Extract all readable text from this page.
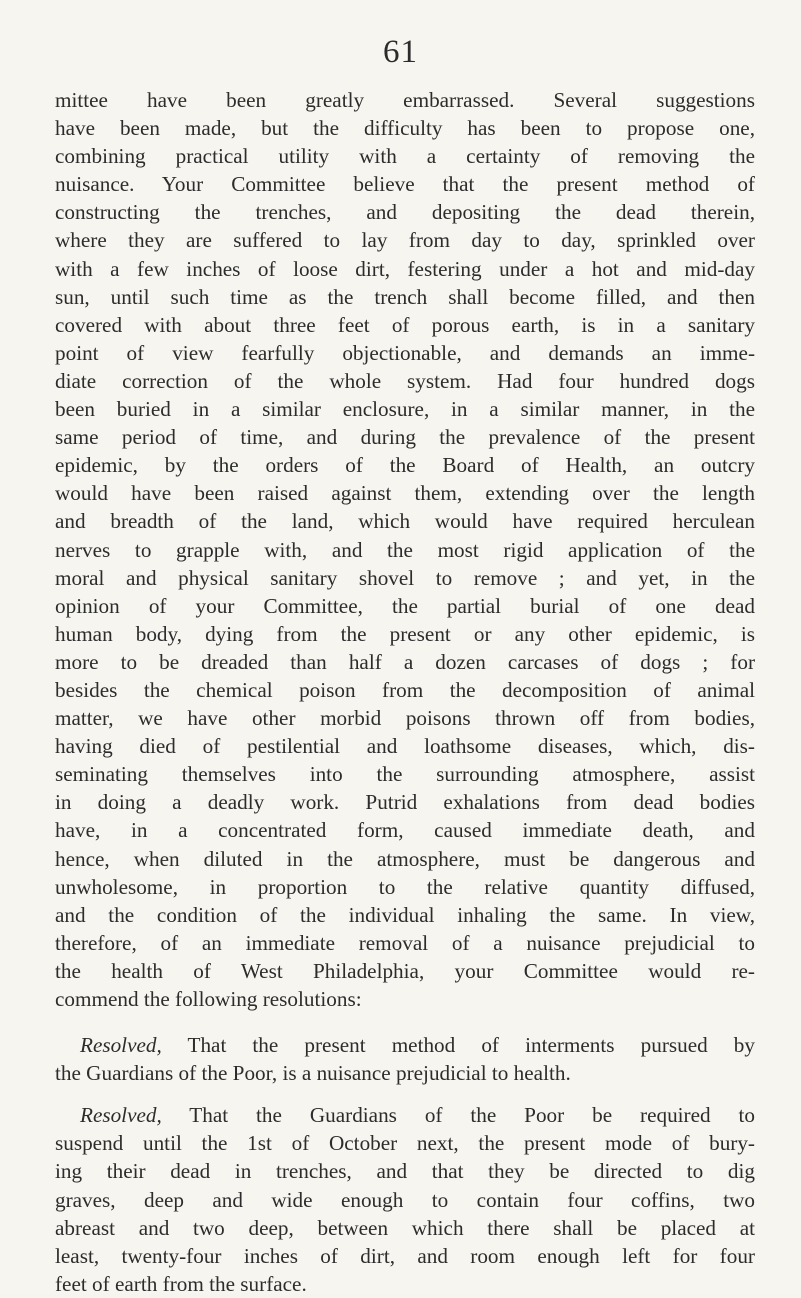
61
mittee have been greatly embarrassed. Several suggestions
have been made, but the difficulty has been to propose one,
combining practical utility with a certainty of removing the
nuisance. Your Committee believe that the present method of
constructing the trenches, and depositing the dead therein,
where they are suffered to lay from day to day, sprinkled over
with a few inches of loose dirt, festering under a hot and mid-day
sun, until such time as the trench shall become filled, and then
covered with about three feet of porous earth, is in a sanitary
point of view fearfully objectionable, and demands an imme-
diate correction of the whole system. Had four hundred dogs
been buried in a similar enclosure, in a similar manner, in the
same period of time, and during the prevalence of the present
epidemic, by the orders of the Board of Health, an outcry
would have been raised against them, extending over the length
and breadth of the land, which would have required herculean
nerves to grapple with, and the most rigid application of the
moral and physical sanitary shovel to remove ; and yet, in the
opinion of your Committee, the partial burial of one dead
human body, dying from the present or any other epidemic, is
more to be dreaded than half a dozen carcases of dogs ; for
besides the chemical poison from the decomposition of animal
matter, we have other morbid poisons thrown off from bodies,
having died of pestilential and loathsome diseases, which, dis-
seminating themselves into the surrounding atmosphere, assist
in doing a deadly work. Putrid exhalations from dead bodies
have, in a concentrated form, caused immediate death, and
hence, when diluted in the atmosphere, must be dangerous and
unwholesome, in proportion to the relative quantity diffused,
and the condition of the individual inhaling the same. In view,
therefore, of an immediate removal of a nuisance prejudicial to
the health of West Philadelphia, your Committee would re-
commend the following resolutions:
Resolved, That the present method of interments pursued by
the Guardians of the Poor, is a nuisance prejudicial to health.
Resolved, That the Guardians of the Poor be required to
suspend until the 1st of October next, the present mode of bury-
ing their dead in trenches, and that they be directed to dig
graves, deep and wide enough to contain four coffins, two
abreast and two deep, between which there shall be placed at
least, twenty-four inches of dirt, and room enough left for four
feet of earth from the surface.
